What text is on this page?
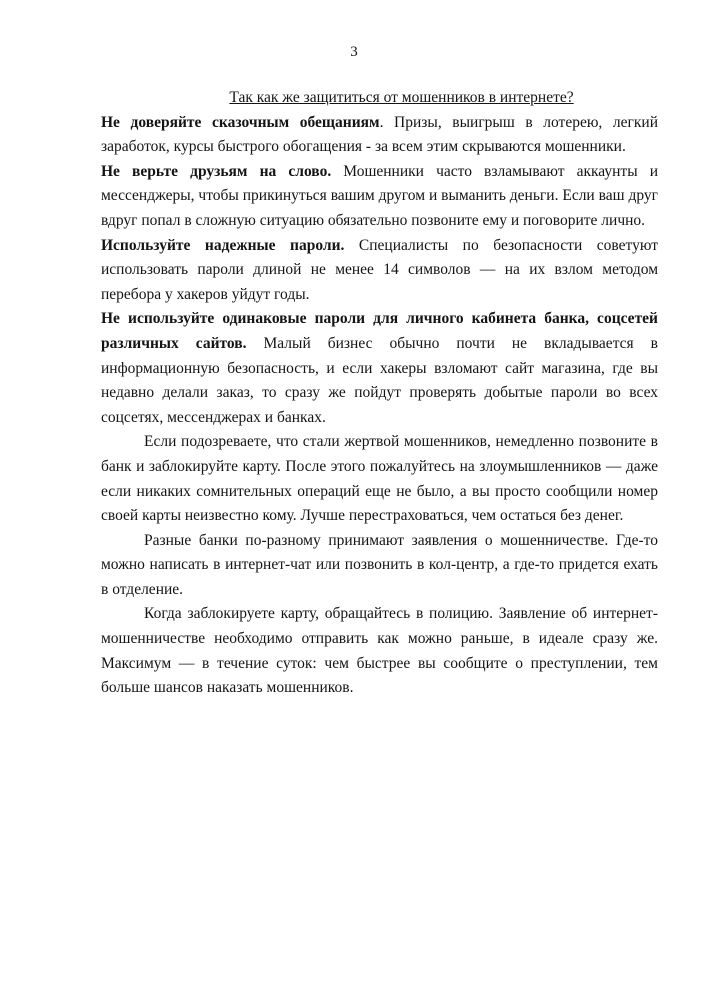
3

Так как же защититься от мошенников в интернете?

Не доверяйте сказочным обещаниям. Призы, выигрыш в лотерею, легкий заработок, курсы быстрого обогащения - за всем этим скрываются мошенники.

Не верьте друзьям на слово. Мошенники часто взламывают аккаунты и мессенджеры, чтобы прикинуться вашим другом и выманить деньги. Если ваш друг вдруг попал в сложную ситуацию обязательно позвоните ему и поговорите лично.

Используйте надежные пароли. Специалисты по безопасности советуют использовать пароли длиной не менее 14 символов — на их взлом методом перебора у хакеров уйдут годы.

Не используйте одинаковые пароли для личного кабинета банка, соцсетей различных сайтов. Малый бизнес обычно почти не вкладывается в информационную безопасность, и если хакеры взломают сайт магазина, где вы недавно делали заказ, то сразу же пойдут проверять добытые пароли во всех соцсетях, мессенджерах и банках.

Если подозреваете, что стали жертвой мошенников, немедленно позвоните в банк и заблокируйте карту. После этого пожалуйтесь на злоумышленников — даже если никаких сомнительных операций еще не было, а вы просто сообщили номер своей карты неизвестно кому. Лучше перестраховаться, чем остаться без денег.

Разные банки по-разному принимают заявления о мошенничестве. Где-то можно написать в интернет-чат или позвонить в кол-центр, а где-то придется ехать в отделение.

Когда заблокируете карту, обращайтесь в полицию. Заявление об интернет-мошенничестве необходимо отправить как можно раньше, в идеале сразу же. Максимум — в течение суток: чем быстрее вы сообщите о преступлении, тем больше шансов наказать мошенников.
